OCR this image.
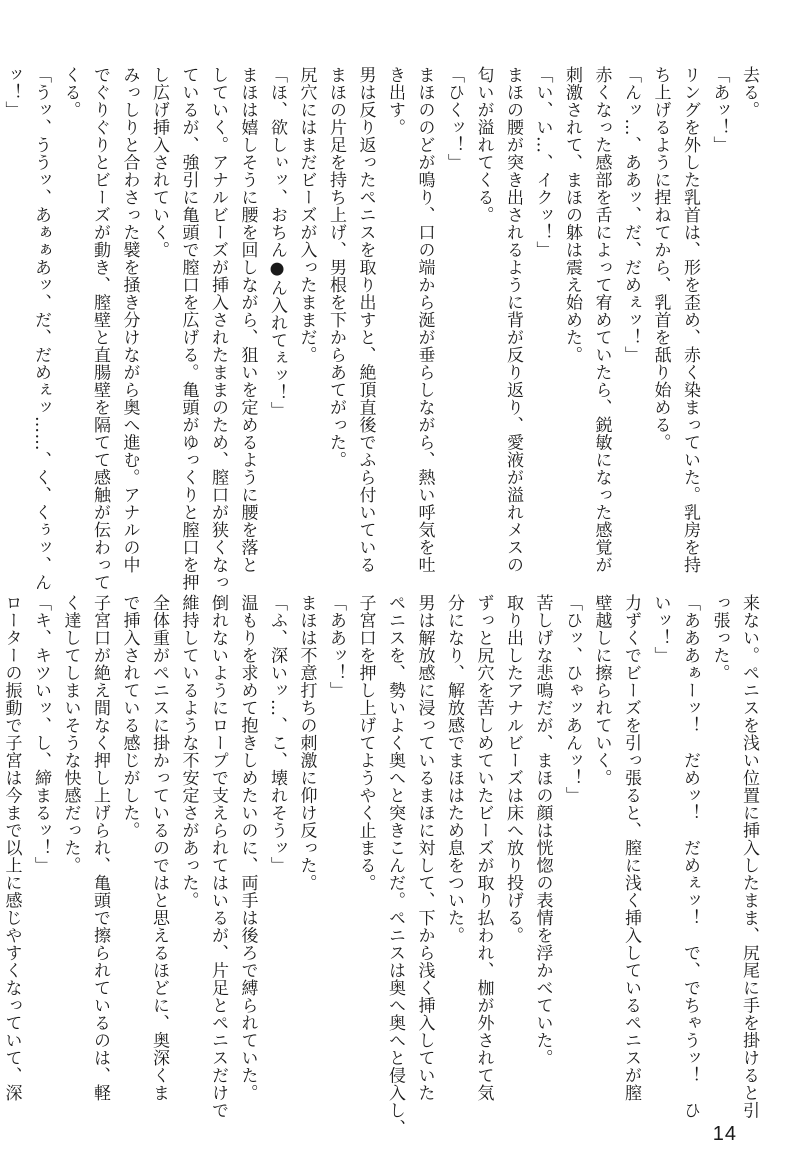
去る。
「あッ！」
リングを外した乳首は、形を歪め、赤く染まっていた。乳房を持
ち上げるように捏ねてから、乳首を舐り始める。
「んッ…、ああッ、だ、だめぇッ！」
赤くなった感部を舌によって宥めていたら、鋭敏になった感覚が
刺激されて、まほの躰は震え始めた。
「い、い…、イクッ！」
まほの腰が突き出されるように背が反り返り、愛液が溢れメスの
匂いが溢れてくる。
「ひくッ！」
まほののどが鳴り、口の端から涎が垂らしながら、熱い呼気を吐
き出す。
男は反り返ったペニスを取り出すと、絶頂直後でふら付いている
まほの片足を持ち上げ、男根を下からあてがった。
尻穴にはまだビーズが入ったままだ。
「ほ、欲しぃッ、おちん●ん入れてぇッ！」
まほは嬉しそうに腰を回しながら、狙いを定めるように腰を落と
していく。アナルビーズが挿入されたままのため、膣口が狭くなっ
ているが、強引に亀頭で膣口を広げる。亀頭がゆっくりと膣口を押
し広げ挿入されていく。
みっしりと合わさった襞を掻き分けながら奥へ進む。アナルの中
でぐりぐりとビーズが動き、膣壁と直腸壁を隔てて感触が伝わって
くる。
「うッ、ううッ、あぁぁあッ、だ、だめぇッ……、く、くぅッ、ん
ッ！」
来ない。ペニスを浅い位置に挿入したまま、尻尾に手を掛けると引
っ張った。
「あああぁーッ！　だめッ！　だめぇッ！　で、でちゃうッ！　ひ
いッ！」
力ずくでビーズを引っ張ると、膣に浅く挿入しているペニスが膣
壁越しに擦られていく。
「ひッ、ひゃッあんッ！」
苦しげな悲鳴だが、まほの顔は恍惚の表情を浮かべていた。
取り出したアナルビーズは床へ放り投げる。
ずっと尻穴を苦しめていたビーズが取り払われ、枷が外されて気
分になり、解放感でまほはため息をついた。
男は解放感に浸っているまほに対して、下から浅く挿入していた
ペニスを、勢いよく奥へと突きこんだ。ペニスは奥へ奥へと侵入し、
子宮口を押し上げてようやく止まる。
「ああッ！」
まほは不意打ちの刺激に仰け反った。
「ふ、深いッ…、こ、壊れそうッ」
温もりを求めて抱きしめたいのに、両手は後ろで縛られていた。
倒れないようにロープで支えられてはいるが、片足とペニスだけで
維持しているような不安定さがあった。
全体重がペニスに掛かっているのではと思えるほどに、奥深くま
で挿入されている感じがした。
子宮口が絶え間なく押し上げられ、亀頭で擦られているのは、軽
く達してしまいそうな快感だった。
「キ、キツいッ、し、締まるッ！」
ローターの振動で子宮は今まで以上に感じやすくなっていて、深
14
